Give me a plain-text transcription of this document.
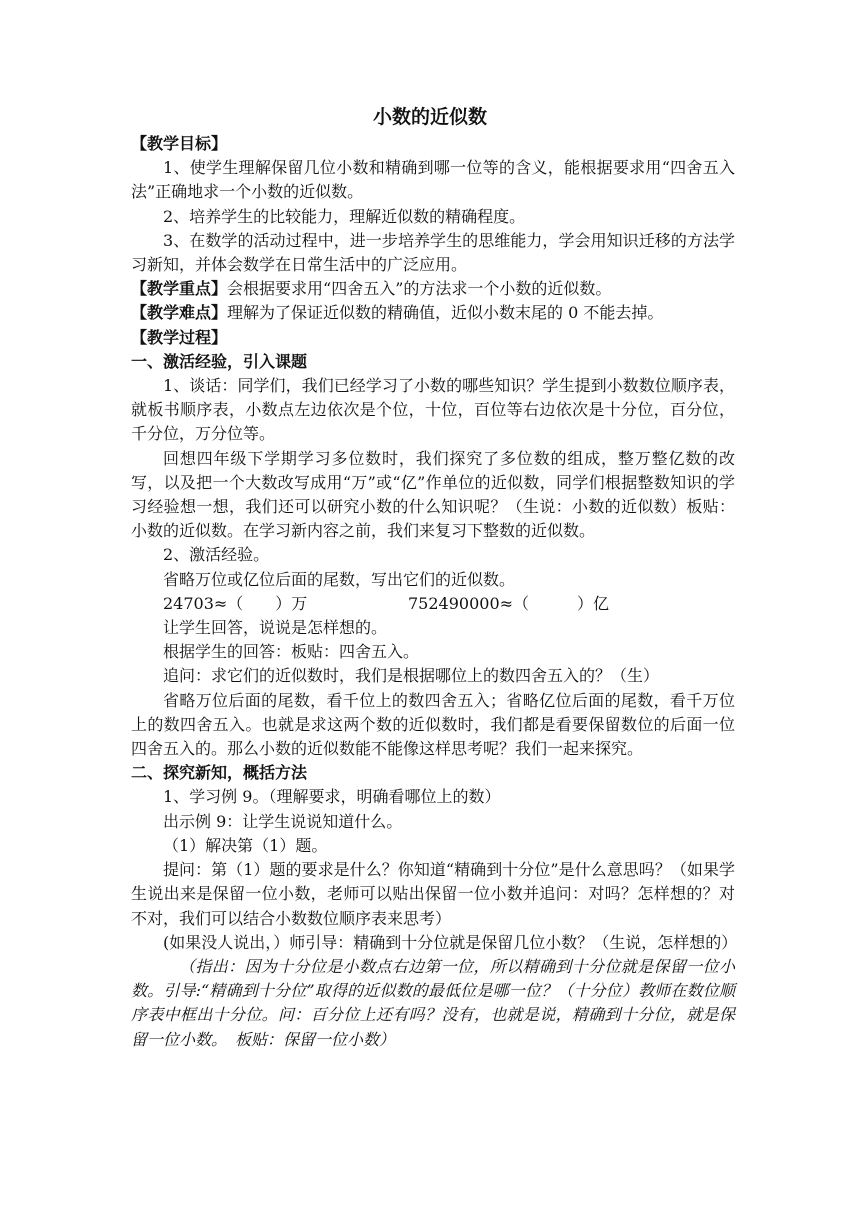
小数的近似数

【教学目标】

1、使学生理解保留几位小数和精确到哪一位等的含义，能根据要求用“四舍五入法”正确地求一个小数的近似数。

2、培养学生的比较能力，理解近似数的精确程度。

3、在数学的活动过程中，进一步培养学生的思维能力，学会用知识迁移的方法学习新知，并体会数学在日常生活中的广泛应用。

【教学重点】会根据要求用“四舍五入”的方法求一个小数的近似数。

【教学难点】理解为了保证近似数的精确值，近似小数末尾的 0 不能去掉。

【教学过程】

一、激活经验，引入课题

1、谈话：同学们，我们已经学习了小数的哪些知识？学生提到小数数位顺序表，就板书顺序表，小数点左边依次是个位，十位，百位等右边依次是十分位，百分位，千分位，万分位等。

回想四年级下学期学习多位数时，我们探究了多位数的组成，整万整亿数的改写，以及把一个大数改写成用“万”或“亿”作单位的近似数，同学们根据整数知识的学习经验想一想，我们还可以研究小数的什么知识呢？（生说：小数的近似数）板贴：小数的近似数。在学习新内容之前，我们来复习下整数的近似数。

2、激活经验。

省略万位或亿位后面的尾数，写出它们的近似数。

24703≈（　　）万	752490000≈（　　　）亿

让学生回答，说说是怎样想的。

根据学生的回答：板贴：四舍五入。

追问：求它们的近似数时，我们是根据哪位上的数四舍五入的？（生）

省略万位后面的尾数，看千位上的数四舍五入；省略亿位后面的尾数，看千万位上的数四舍五入。也就是求这两个数的近似数时，我们都是看要保留数位的后面一位四舍五入的。那么小数的近似数能不能像这样思考呢？我们一起来探究。

二、探究新知，概括方法

1、学习例 9。（理解要求，明确看哪位上的数）

出示例 9：让学生说说知道什么。

（1）解决第（1）题。

提问：第（1）题的要求是什么？你知道“精确到十分位”是什么意思吗？（如果学生说出来是保留一位小数，老师可以贴出保留一位小数并追问：对吗？怎样想的？对不对，我们可以结合小数数位顺序表来思考）

(如果没人说出，）师引导：精确到十分位就是保留几位小数？（生说，怎样想的）

（指出：因为十分位是小数点右边第一位，所以精确到十分位就是保留一位小数。引导:“精确到十分位”取得的近似数的最低位是哪一位？（十分位）教师在数位顺序表中框出十分位。问：百分位上还有吗？没有，也就是说，精确到十分位，就是保留一位小数。　板贴：保留一位小数）
